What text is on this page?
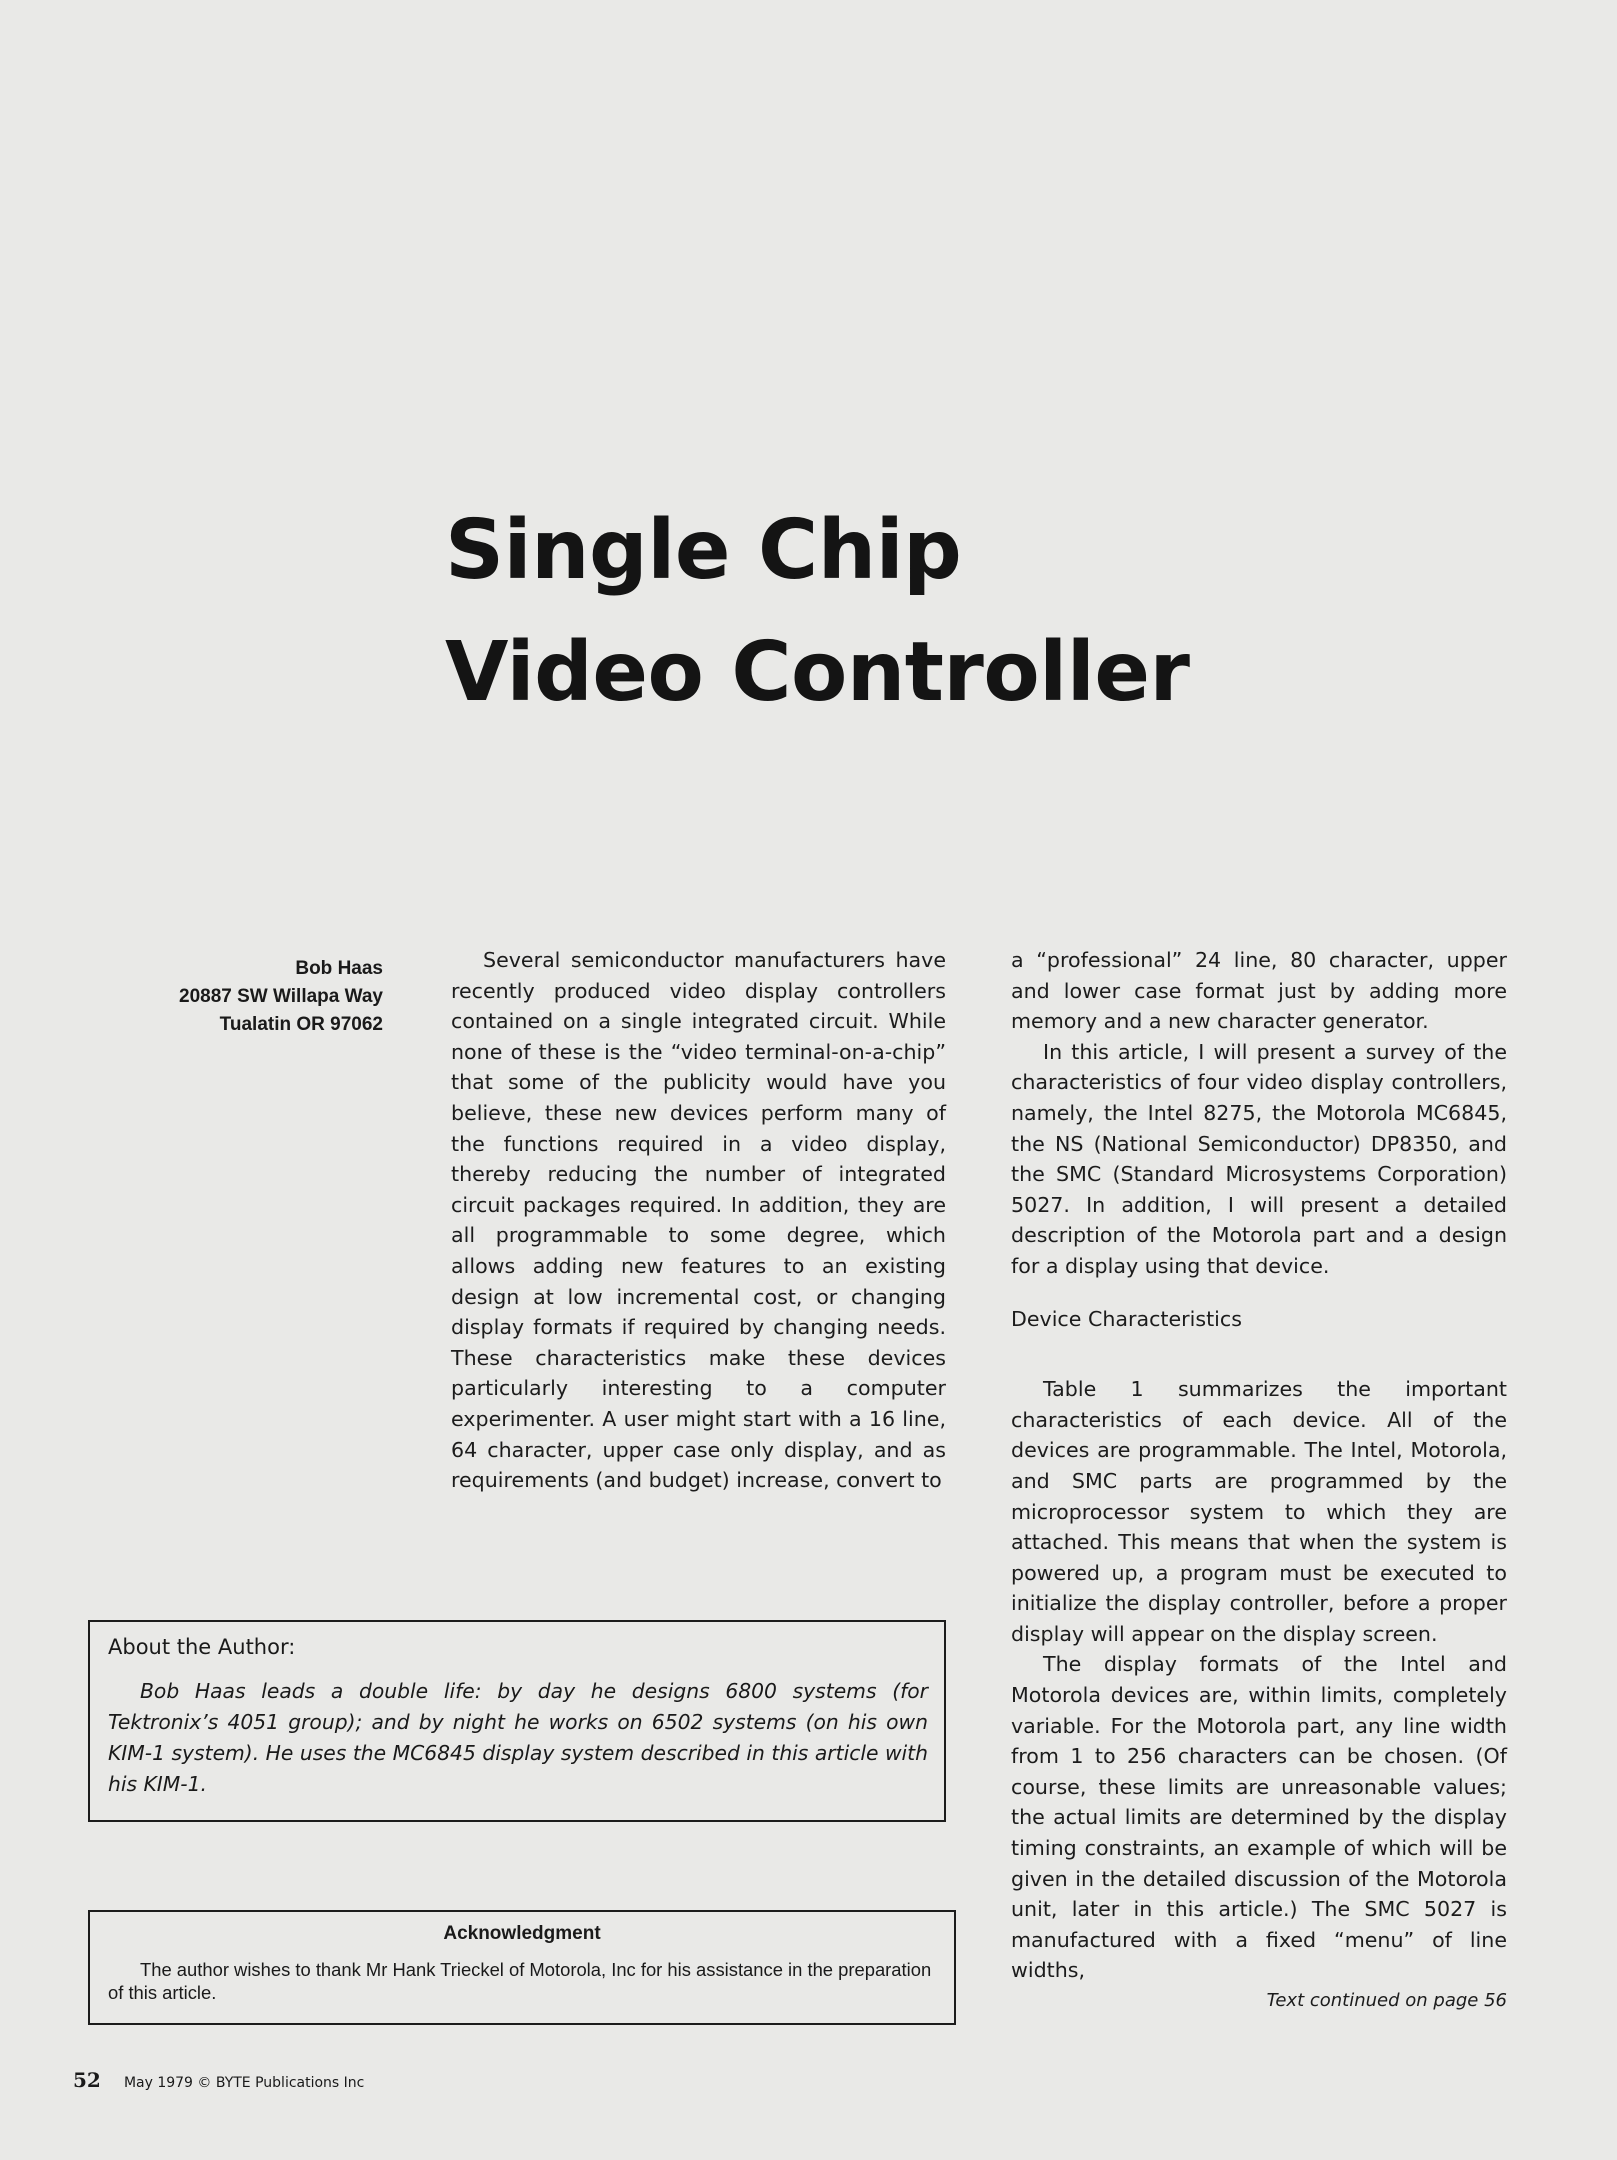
Single Chip
Video Controller
Bob Haas
20887 SW Willapa Way
Tualatin OR 97062

Several semiconductor manufacturers have recently produced video display controllers contained on a single integrated circuit. While none of these is the “video terminal-on-a-chip” that some of the publicity would have you believe, these new devices perform many of the functions required in a video display, thereby reducing the number of integrated circuit packages required. In addition, they are all programmable to some degree, which allows adding new features to an existing design at low incremental cost, or changing display formats if required by changing needs. These characteristics make these devices particularly interesting to a computer experimenter. A user might start with a 16 line, 64 character, upper case only display, and as requirements (and budget) increase, convert to

a “professional” 24 line, 80 character, upper and lower case format just by adding more memory and a new character generator.

In this article, I will present a survey of the characteristics of four video display controllers, namely, the Intel 8275, the Motorola MC6845, the NS (National Semiconductor) DP8350, and the SMC (Standard Microsystems Corporation) 5027. In addition, I will present a detailed description of the Motorola part and a design for a display using that device.

Device Characteristics

Table 1 summarizes the important characteristics of each device. All of the devices are programmable. The Intel, Motorola, and SMC parts are programmed by the microprocessor system to which they are attached. This means that when the system is powered up, a program must be executed to initialize the display controller, before a proper display will appear on the display screen.

The display formats of the Intel and Motorola devices are, within limits, completely variable. For the Motorola part, any line width from 1 to 256 characters can be chosen. (Of course, these limits are unreasonable values; the actual limits are determined by the display timing constraints, an example of which will be given in the detailed discussion of the Motorola unit, later in this article.) The SMC 5027 is manufactured with a fixed “menu” of line widths,

Text continued on page 56

About the Author:

Bob Haas leads a double life: by day he designs 6800 systems (for Tektronix’s 4051 group); and by night he works on 6502 systems (on his own KIM-1 system). He uses the MC6845 display system described in this article with his KIM-1.

Acknowledgment

The author wishes to thank Mr Hank Trieckel of Motorola, Inc for his assistance in the preparation of this article.

52 May 1979 © BYTE Publications Inc
